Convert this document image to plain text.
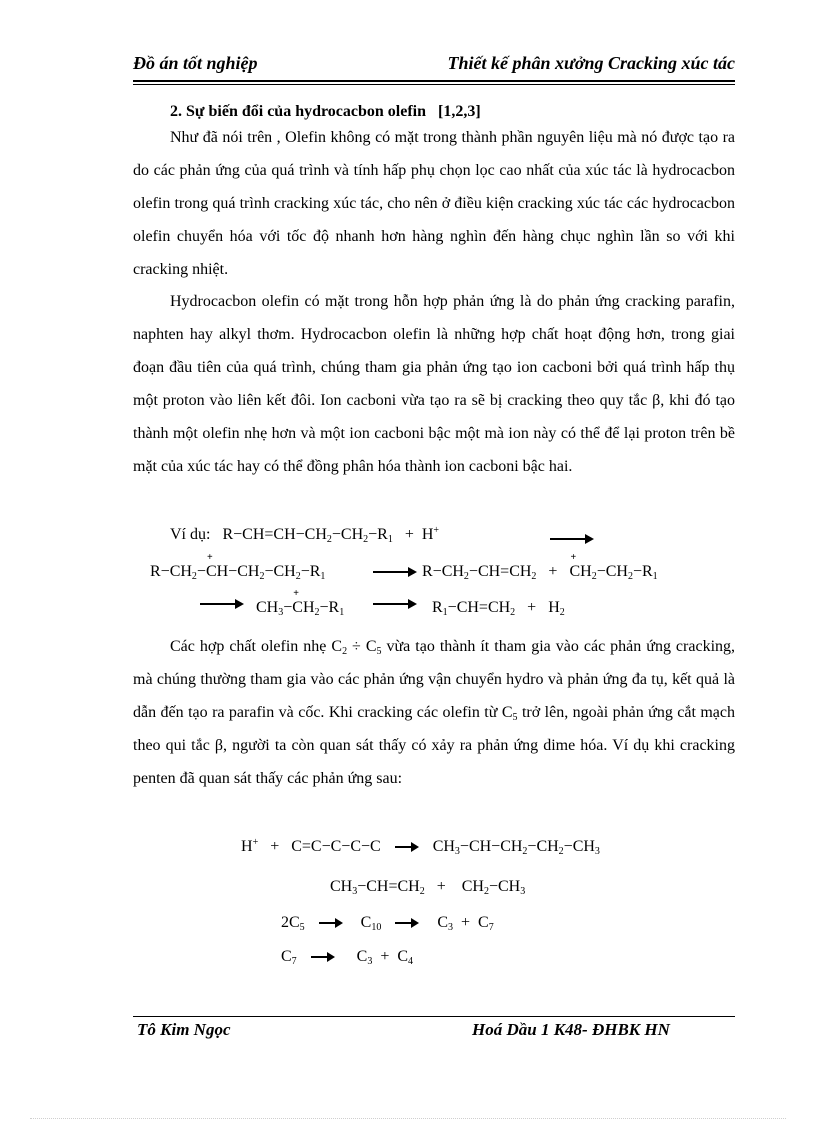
Đồ án tốt nghiệp	Thiết kế phân xưởng Cracking xúc tác
2. Sự biến đổi của hydrocacbon olefin [1,2,3]
Như đã nói trên , Olefin không có mặt trong thành phần nguyên liệu mà nó được tạo ra do các phản ứng của quá trình và tính hấp phụ chọn lọc cao nhất của xúc tác là hydrocacbon olefin trong quá trình cracking xúc tác, cho nên ở điều kiện cracking xúc tác các hydrocacbon olefin chuyển hóa với tốc độ nhanh hơn hàng nghìn đến hàng chục nghìn lần so với khi cracking nhiệt.
Hydrocacbon olefin có mặt trong hỗn hợp phản ứng là do phản ứng cracking parafin, naphten hay alkyl thơm. Hydrocacbon olefin là những hợp chất hoạt động hơn, trong giai đoạn đầu tiên của quá trình, chúng tham gia phản ứng tạo ion cacboni bởi quá trình hấp thụ một proton vào liên kết đôi. Ion cacboni vừa tạo ra sẽ bị cracking theo quy tắc β, khi đó tạo thành một olefin nhẹ hơn và một ion cacboni bậc một mà ion này có thể để lại proton trên bề mặt của xúc tác hay có thể đồng phân hóa thành ion cacboni bậc hai.
Ví dụ:   $R-CH=CH-CH_2-CH_2-R_1 + H^+$
$R-CH_2-+ CH-CH_2-CH_2-R_1$	→ $R-CH_2-CH=CH_2$   +   + $CH_2-CH_2-R_1$
→ $CH_3-+ CH_2-R_1 \to R_1-CH=CH_2 + H_2$
Các hợp chất olefin nhẹ $C_2 \div C_5$ vừa tạo thành ít tham gia vào các phản ứng cracking, mà chúng thường tham gia vào các phản ứng vận chuyển hydro và phản ứng đa tụ, kết quả là dẫn đến tạo ra parafin và cốc. Khi cracking các olefin từ $C_5$ trở lên, ngoài phản ứng cắt mạch theo qui tắc β, người ta còn quan sát thấy có xảy ra phản ứng dime hóa. Ví dụ khi cracking penten đã quan sát thấy các phản ứng sau:
H+   +   C=C−C−C−C	$CH_3-CH-CH_2-CH_2-CH_3$
$CH_3-CH=CH_2$   +    $CH_2-CH_3$
$2C_5$	$C_{10}$	$C_3 + C_7$
$C_7$	$C_3 + C_4$
Tô Kim Ngọc	Hoá Dầu 1 K48- ĐHBK HN
